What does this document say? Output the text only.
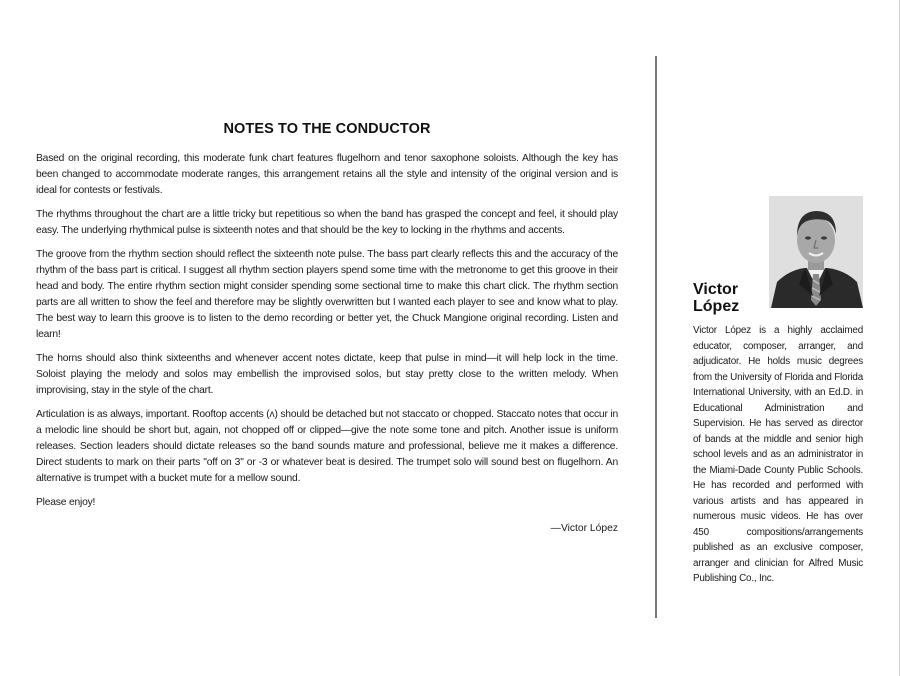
NOTES TO THE CONDUCTOR

Based on the original recording, this moderate funk chart features flugelhorn and tenor saxophone soloists. Although the key has been changed to accommodate moderate ranges, this arrangement retains all the style and intensity of the original version and is ideal for contests or festivals.

The rhythms throughout the chart are a little tricky but repetitious so when the band has grasped the concept and feel, it should play easy. The underlying rhythmical pulse is sixteenth notes and that should be the key to locking in the rhythms and accents.

The groove from the rhythm section should reflect the sixteenth note pulse. The bass part clearly reflects this and the accuracy of the rhythm of the bass part is critical. I suggest all rhythm section players spend some time with the metronome to get this groove in their head and body. The entire rhythm section might consider spending some sectional time to make this chart click. The rhythm section parts are all written to show the feel and therefore may be slightly overwritten but I wanted each player to see and know what to play. The best way to learn this groove is to listen to the demo recording or better yet, the Chuck Mangione original recording. Listen and learn!

The horns should also think sixteenths and whenever accent notes dictate, keep that pulse in mind—it will help lock in the time. Soloist playing the melody and solos may embellish the improvised solos, but stay pretty close to the written melody. When improvising, stay in the style of the chart.

Articulation is as always, important. Rooftop accents (ʌ) should be detached but not staccato or chopped. Staccato notes that occur in a melodic line should be short but, again, not chopped off or clipped—give the note some tone and pitch. Another issue is uniform releases. Section leaders should dictate releases so the band sounds mature and professional, believe me it makes a difference. Direct students to mark on their parts "off on 3" or -3 or whatever beat is desired. The trumpet solo will sound best on flugelhorn. An alternative is trumpet with a bucket mute for a mellow sound.

Please enjoy!

—Victor López
Victor
López
Victor López is a highly acclaimed educator, composer, arranger, and adjudicator. He holds music degrees from the University of Florida and Florida International University, with an Ed.D. in Educational Administration and Supervision. He has served as director of bands at the middle and senior high school levels and as an administrator in the Miami-Dade County Public Schools. He has recorded and performed with various artists and has appeared in numerous music videos. He has over 450 compositions/arrangements published as an exclusive composer, arranger and clinician for Alfred Music Publishing Co., Inc.
